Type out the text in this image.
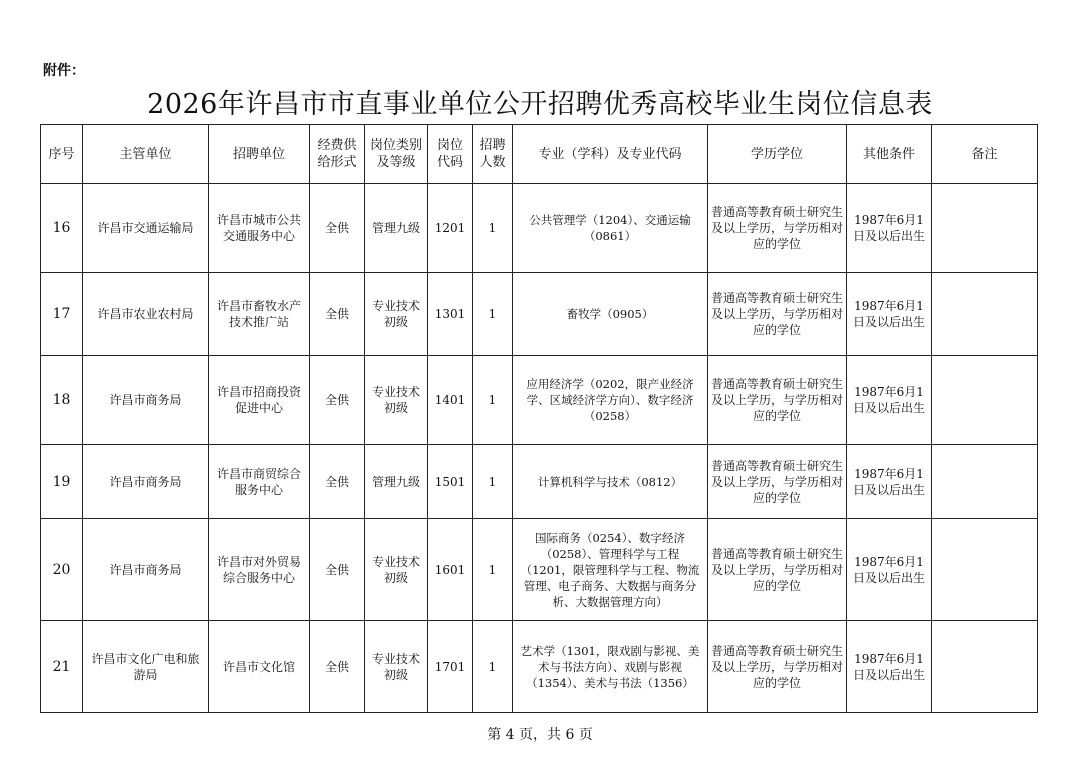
附件：
2026年许昌市市直事业单位公开招聘优秀高校毕业生岗位信息表
序号	主管单位	招聘单位	经费供给形式	岗位类别及等级	岗位代码	招聘人数	专业（学科）及专业代码	学历学位	其他条件	备注
16	许昌市交通运输局	许昌市城市公共交通服务中心	全供	管理九级	1201	1	公共管理学（1204）、交通运输（0861）	普通高等教育硕士研究生及以上学历，与学历相对应的学位	1987年6月1日及以后出生	
17	许昌市农业农村局	许昌市畜牧水产技术推广站	全供	专业技术初级	1301	1	畜牧学（0905）	普通高等教育硕士研究生及以上学历，与学历相对应的学位	1987年6月1日及以后出生	
18	许昌市商务局	许昌市招商投资促进中心	全供	专业技术初级	1401	1	应用经济学（0202，限产业经济学、区域经济学方向）、数字经济（0258）	普通高等教育硕士研究生及以上学历，与学历相对应的学位	1987年6月1日及以后出生	
19	许昌市商务局	许昌市商贸综合服务中心	全供	管理九级	1501	1	计算机科学与技术（0812）	普通高等教育硕士研究生及以上学历，与学历相对应的学位	1987年6月1日及以后出生	
20	许昌市商务局	许昌市对外贸易综合服务中心	全供	专业技术初级	1601	1	国际商务（0254）、数字经济（0258）、管理科学与工程（1201，限管理科学与工程、物流管理、电子商务、大数据与商务分析、大数据管理方向）	普通高等教育硕士研究生及以上学历，与学历相对应的学位	1987年6月1日及以后出生	
21	许昌市文化广电和旅游局	许昌市文化馆	全供	专业技术初级	1701	1	艺术学（1301，限戏剧与影视、美术与书法方向）、戏剧与影视（1354）、美术与书法（1356）	普通高等教育硕士研究生及以上学历，与学历相对应的学位	1987年6月1日及以后出生	
第 4 页，共 6 页
